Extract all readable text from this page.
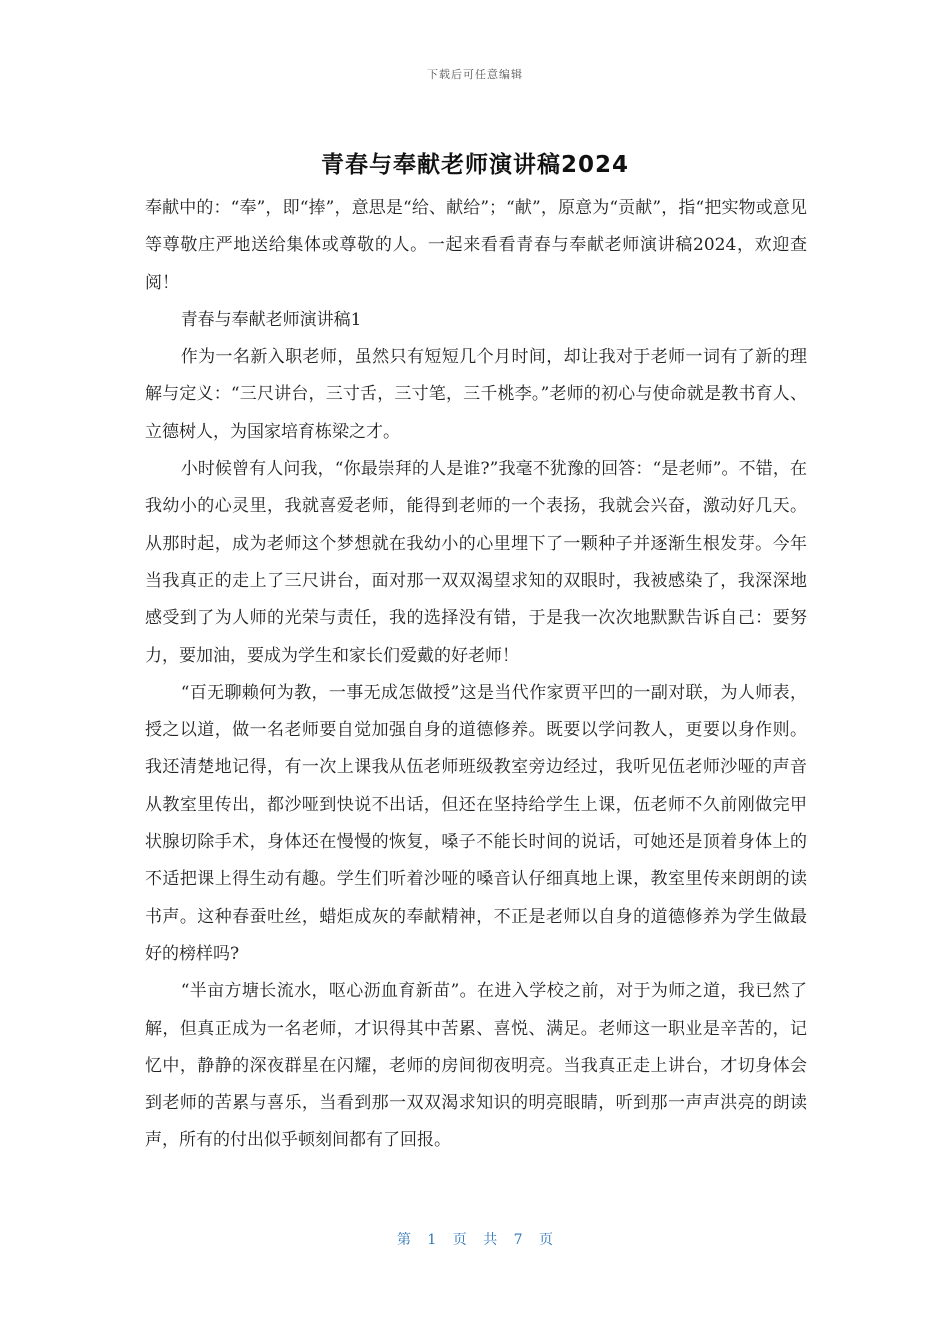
下载后可任意编辑
青春与奉献老师演讲稿2024

奉献中的：“奉”，即“捧”，意思是“给、献给”；“献”，原意为“贡献”，指“把实物或意见等尊敬庄严地送给集体或尊敬的人。一起来看看青春与奉献老师演讲稿2024，欢迎查阅！

青春与奉献老师演讲稿1

作为一名新入职老师，虽然只有短短几个月时间，却让我对于老师一词有了新的理解与定义：“三尺讲台，三寸舌，三寸笔，三千桃李。”老师的初心与使命就是教书育人、立德树人，为国家培育栋梁之才。

小时候曾有人问我，“你最崇拜的人是谁?”我毫不犹豫的回答：“是老师”。不错，在我幼小的心灵里，我就喜爱老师，能得到老师的一个表扬，我就会兴奋，激动好几天。从那时起，成为老师这个梦想就在我幼小的心里埋下了一颗种子并逐渐生根发芽。今年当我真正的走上了三尺讲台，面对那一双双渴望求知的双眼时，我被感染了，我深深地感受到了为人师的光荣与责任，我的选择没有错，于是我一次次地默默告诉自己：要努力，要加油，要成为学生和家长们爱戴的好老师！

“百无聊赖何为教，一事无成怎做授”这是当代作家贾平凹的一副对联，为人师表，授之以道，做一名老师要自觉加强自身的道德修养。既要以学问教人，更要以身作则。我还清楚地记得，有一次上课我从伍老师班级教室旁边经过，我听见伍老师沙哑的声音从教室里传出，都沙哑到快说不出话，但还在坚持给学生上课，伍老师不久前刚做完甲状腺切除手术，身体还在慢慢的恢复，嗓子不能长时间的说话，可她还是顶着身体上的不适把课上得生动有趣。学生们听着沙哑的嗓音认仔细真地上课，教室里传来朗朗的读书声。这种春蚕吐丝，蜡炬成灰的奉献精神，不正是老师以自身的道德修养为学生做最好的榜样吗?

“半亩方塘长流水，呕心沥血育新苗”。在进入学校之前，对于为师之道，我已然了解，但真正成为一名老师，才识得其中苦累、喜悦、满足。老师这一职业是辛苦的，记忆中，静静的深夜群星在闪耀，老师的房间彻夜明亮。当我真正走上讲台，才切身体会到老师的苦累与喜乐，当看到那一双双渴求知识的明亮眼睛，听到那一声声洪亮的朗读声，所有的付出似乎顿刻间都有了回报。

第 1 页 共 7 页
